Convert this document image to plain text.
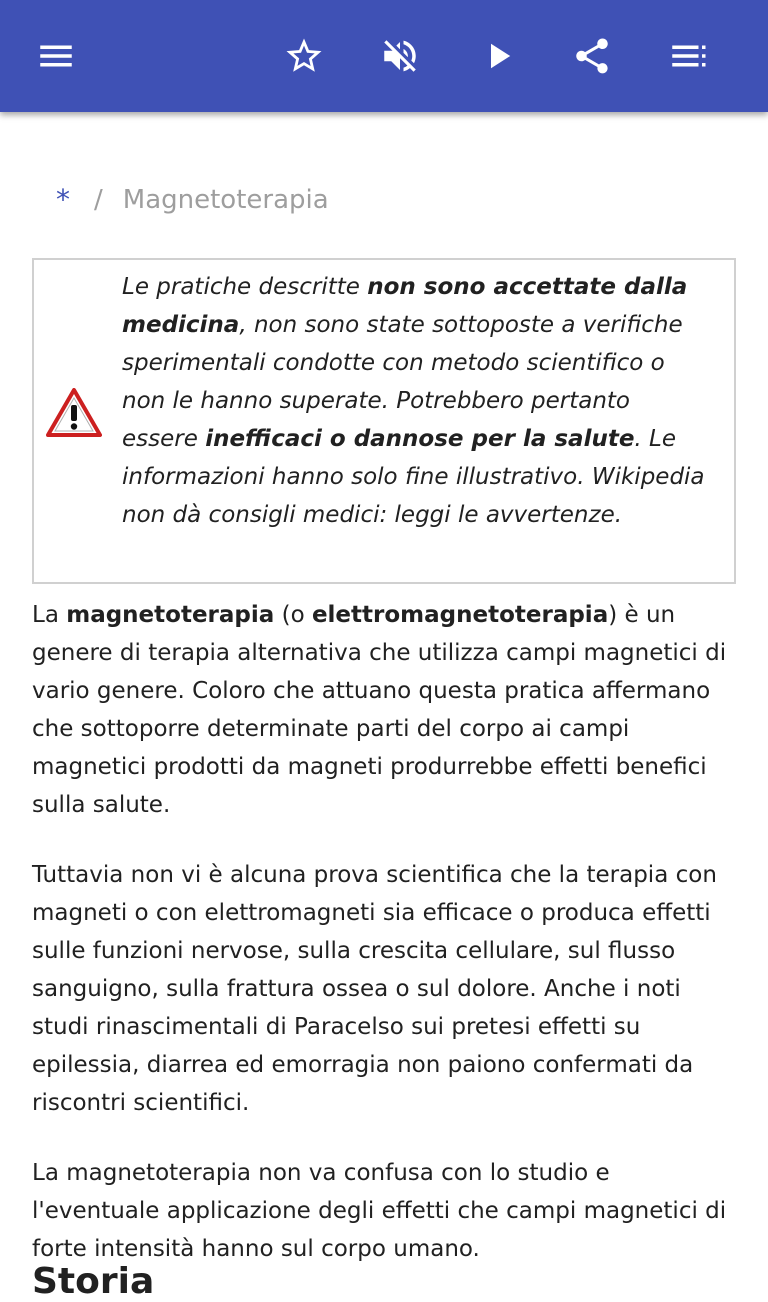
* / Magnetoterapia
Le pratiche descritte non sono accettate dalla medicina, non sono state sottoposte a verifiche sperimentali condotte con metodo scientifico o non le hanno superate. Potrebbero pertanto essere inefficaci o dannose per la salute. Le informazioni hanno solo fine illustrativo. Wikipedia non dà consigli medici: leggi le avvertenze.

La magnetoterapia (o elettromagnetoterapia) è un genere di terapia alternativa che utilizza campi magnetici di vario genere. Coloro che attuano questa pratica affermano che sottoporre determinate parti del corpo ai campi magnetici prodotti da magneti produrrebbe effetti benefici sulla salute.

Tuttavia non vi è alcuna prova scientifica che la terapia con magneti o con elettromagneti sia efficace o produca effetti sulle funzioni nervose, sulla crescita cellulare, sul flusso sanguigno, sulla frattura ossea o sul dolore. Anche i noti studi rinascimentali di Paracelso sui pretesi effetti su epilessia, diarrea ed emorragia non paiono confermati da riscontri scientifici.

La magnetoterapia non va confusa con lo studio e l'eventuale applicazione degli effetti che campi magnetici di forte intensità hanno sul corpo umano.

Storia
